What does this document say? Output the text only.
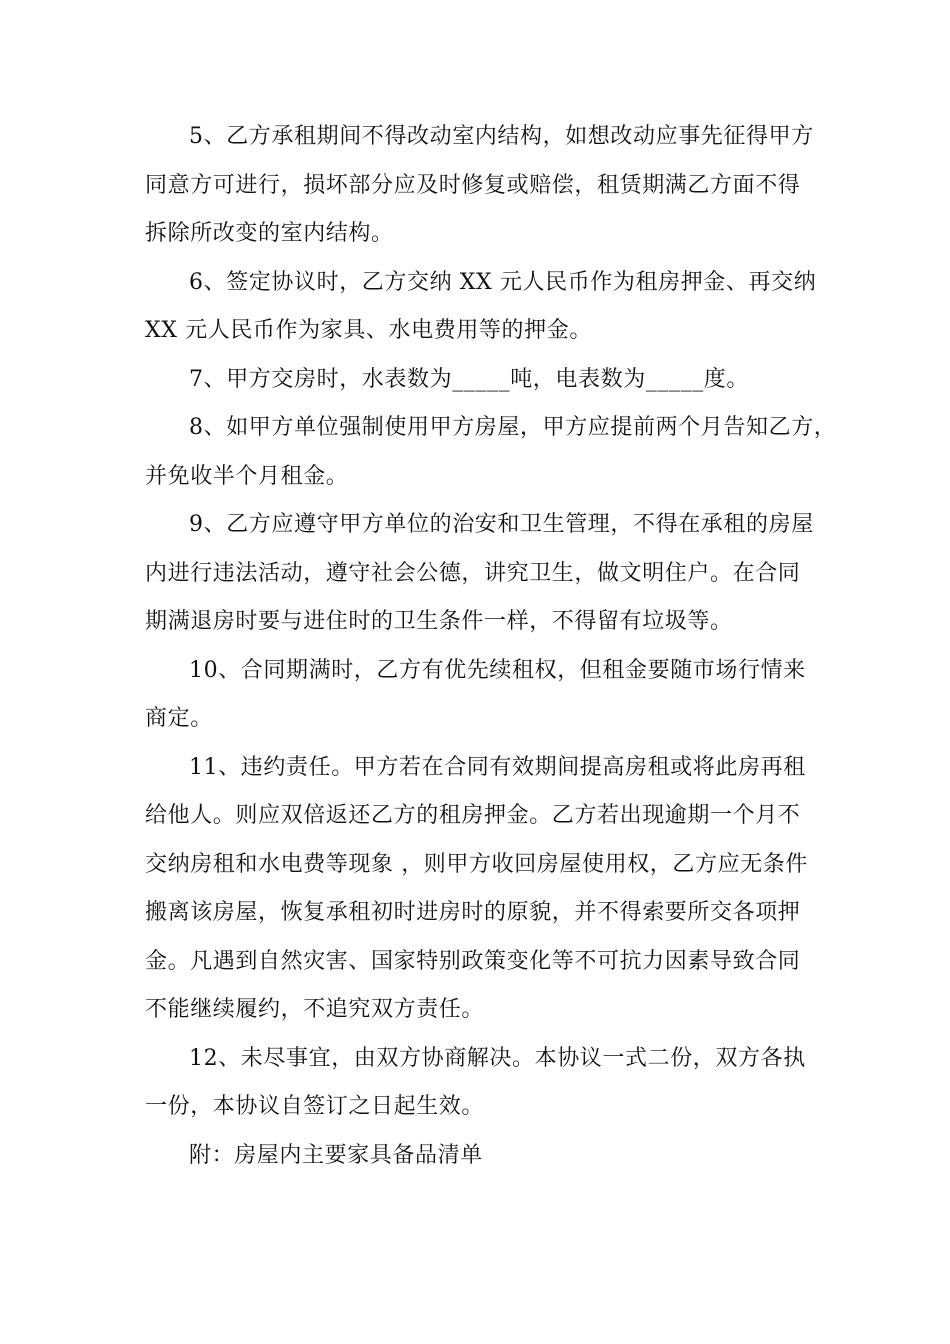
5、乙方承租期间不得改动室内结构，如想改动应事先征得甲方
同意方可进行，损坏部分应及时修复或赔偿，租赁期满乙方面不得
拆除所改变的室内结构。
6、签定协议时，乙方交纳 XX 元人民币作为租房押金、再交纳
XX 元人民币作为家具、水电费用等的押金。
7、甲方交房时，水表数为_____吨，电表数为_____度。
8、如甲方单位强制使用甲方房屋，甲方应提前两个月告知乙方，
并免收半个月租金。
9、乙方应遵守甲方单位的治安和卫生管理，不得在承租的房屋
内进行违法活动，遵守社会公德，讲究卫生，做文明住户。在合同
期满退房时要与进住时的卫生条件一样，不得留有垃圾等。
10、合同期满时，乙方有优先续租权，但租金要随市场行情来
商定。
11、违约责任。甲方若在合同有效期间提高房租或将此房再租
给他人。则应双倍返还乙方的租房押金。乙方若出现逾期一个月不
交纳房租和水电费等现象 ，则甲方收回房屋使用权，乙方应无条件
搬离该房屋，恢复承租初时进房时的原貌，并不得索要所交各项押
金。凡遇到自然灾害、国家特别政策变化等不可抗力因素导致合同
不能继续履约，不追究双方责任。
12、未尽事宜，由双方协商解决。本协议一式二份，双方各执
一份，本协议自签订之日起生效。
附：房屋内主要家具备品清单
